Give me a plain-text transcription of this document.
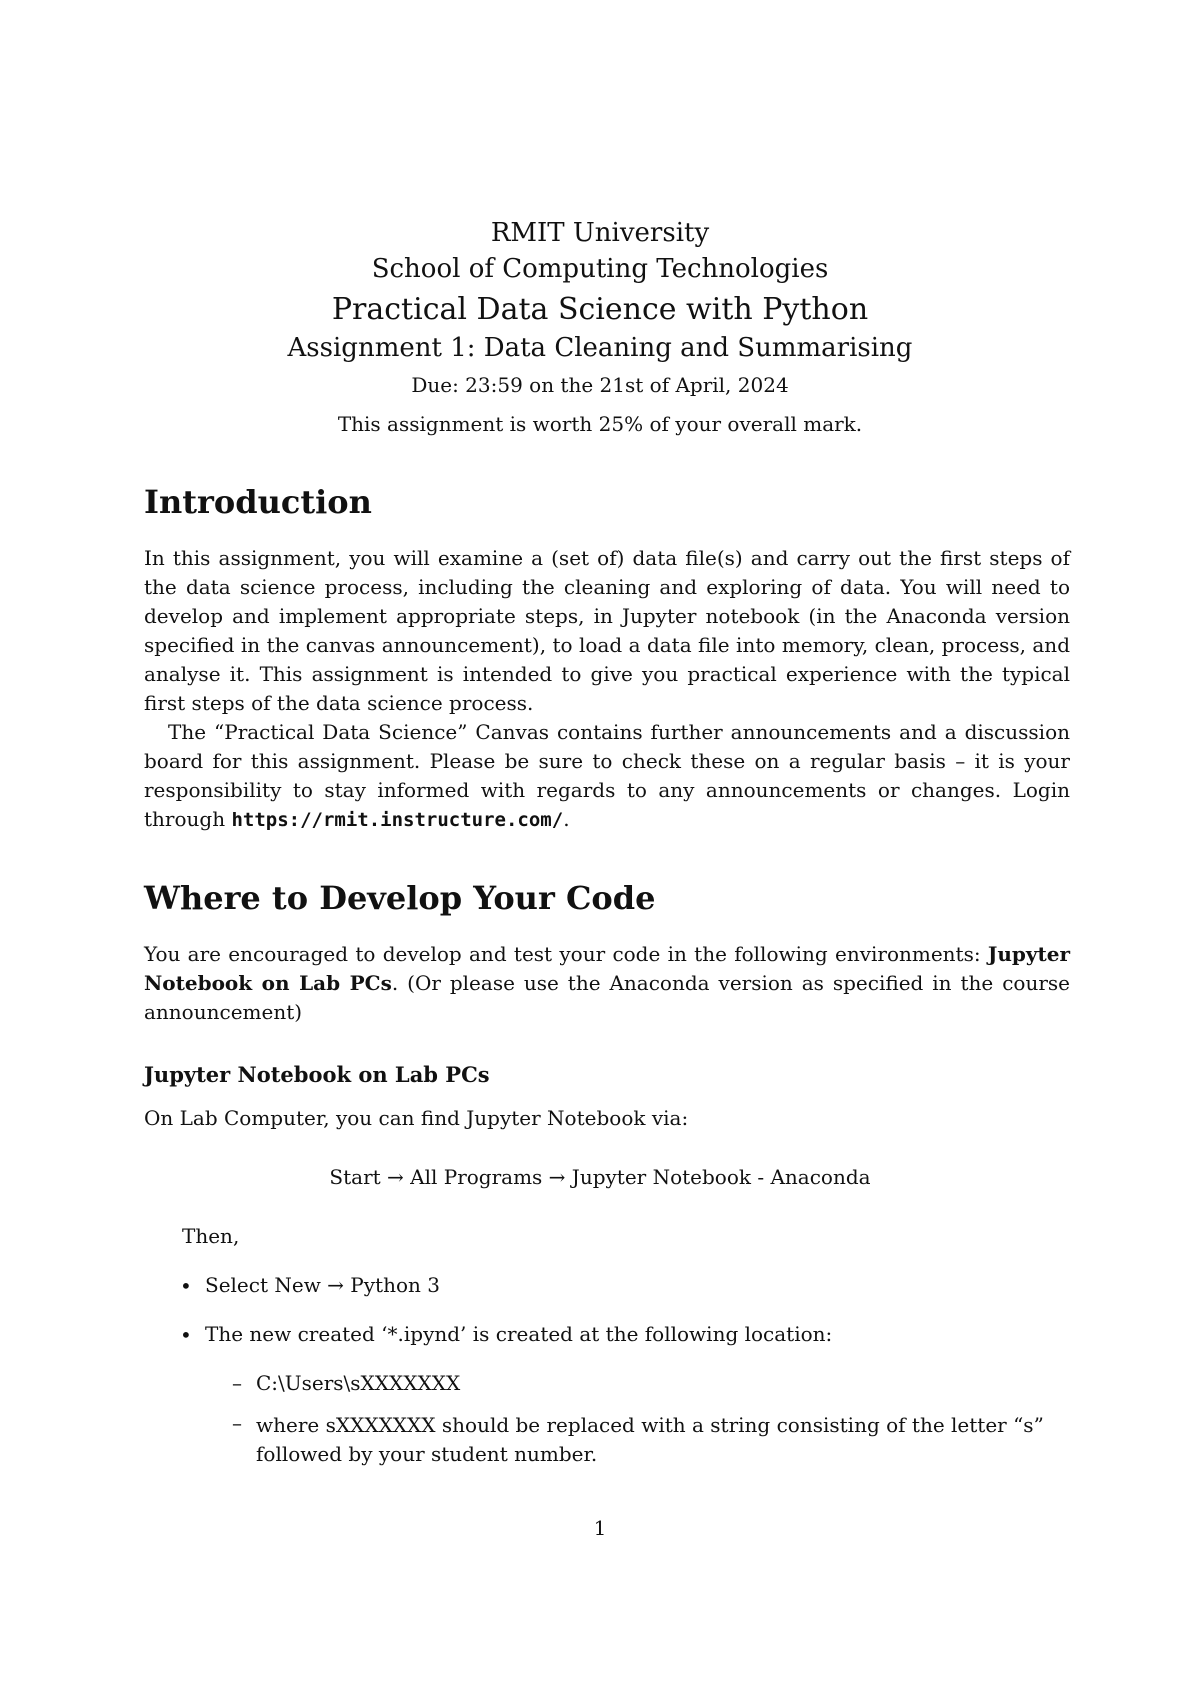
RMIT University
School of Computing Technologies
Practical Data Science with Python
Assignment 1: Data Cleaning and Summarising
Due: 23:59 on the 21st of April, 2024
This assignment is worth 25% of your overall mark.
Introduction

In this assignment, you will examine a (set of) data file(s) and carry out the first steps of the data science process, including the cleaning and exploring of data. You will need to develop and implement appropriate steps, in Jupyter notebook (in the Anaconda version specified in the canvas announcement), to load a data file into memory, clean, process, and analyse it. This assignment is intended to give you practical experience with the typical first steps of the data science process.

The “Practical Data Science” Canvas contains further announcements and a discussion board for this assignment. Please be sure to check these on a regular basis – it is your responsibility to stay informed with regards to any announcements or changes. Login through https://rmit.instructure.com/.

Where to Develop Your Code

You are encouraged to develop and test your code in the following environments: Jupyter Notebook on Lab PCs. (Or please use the Anaconda version as specified in the course announcement)

Jupyter Notebook on Lab PCs
On Lab Computer, you can find Jupyter Notebook via:
Start → All Programs → Jupyter Notebook - Anaconda
Then,
• Select New → Python 3
• The new created ‘*.ipynd’ is created at the following location:
– C:\Users\sXXXXXXX
– where sXXXXXXX should be replaced with a string consisting of the letter “s” followed by your student number.

1
